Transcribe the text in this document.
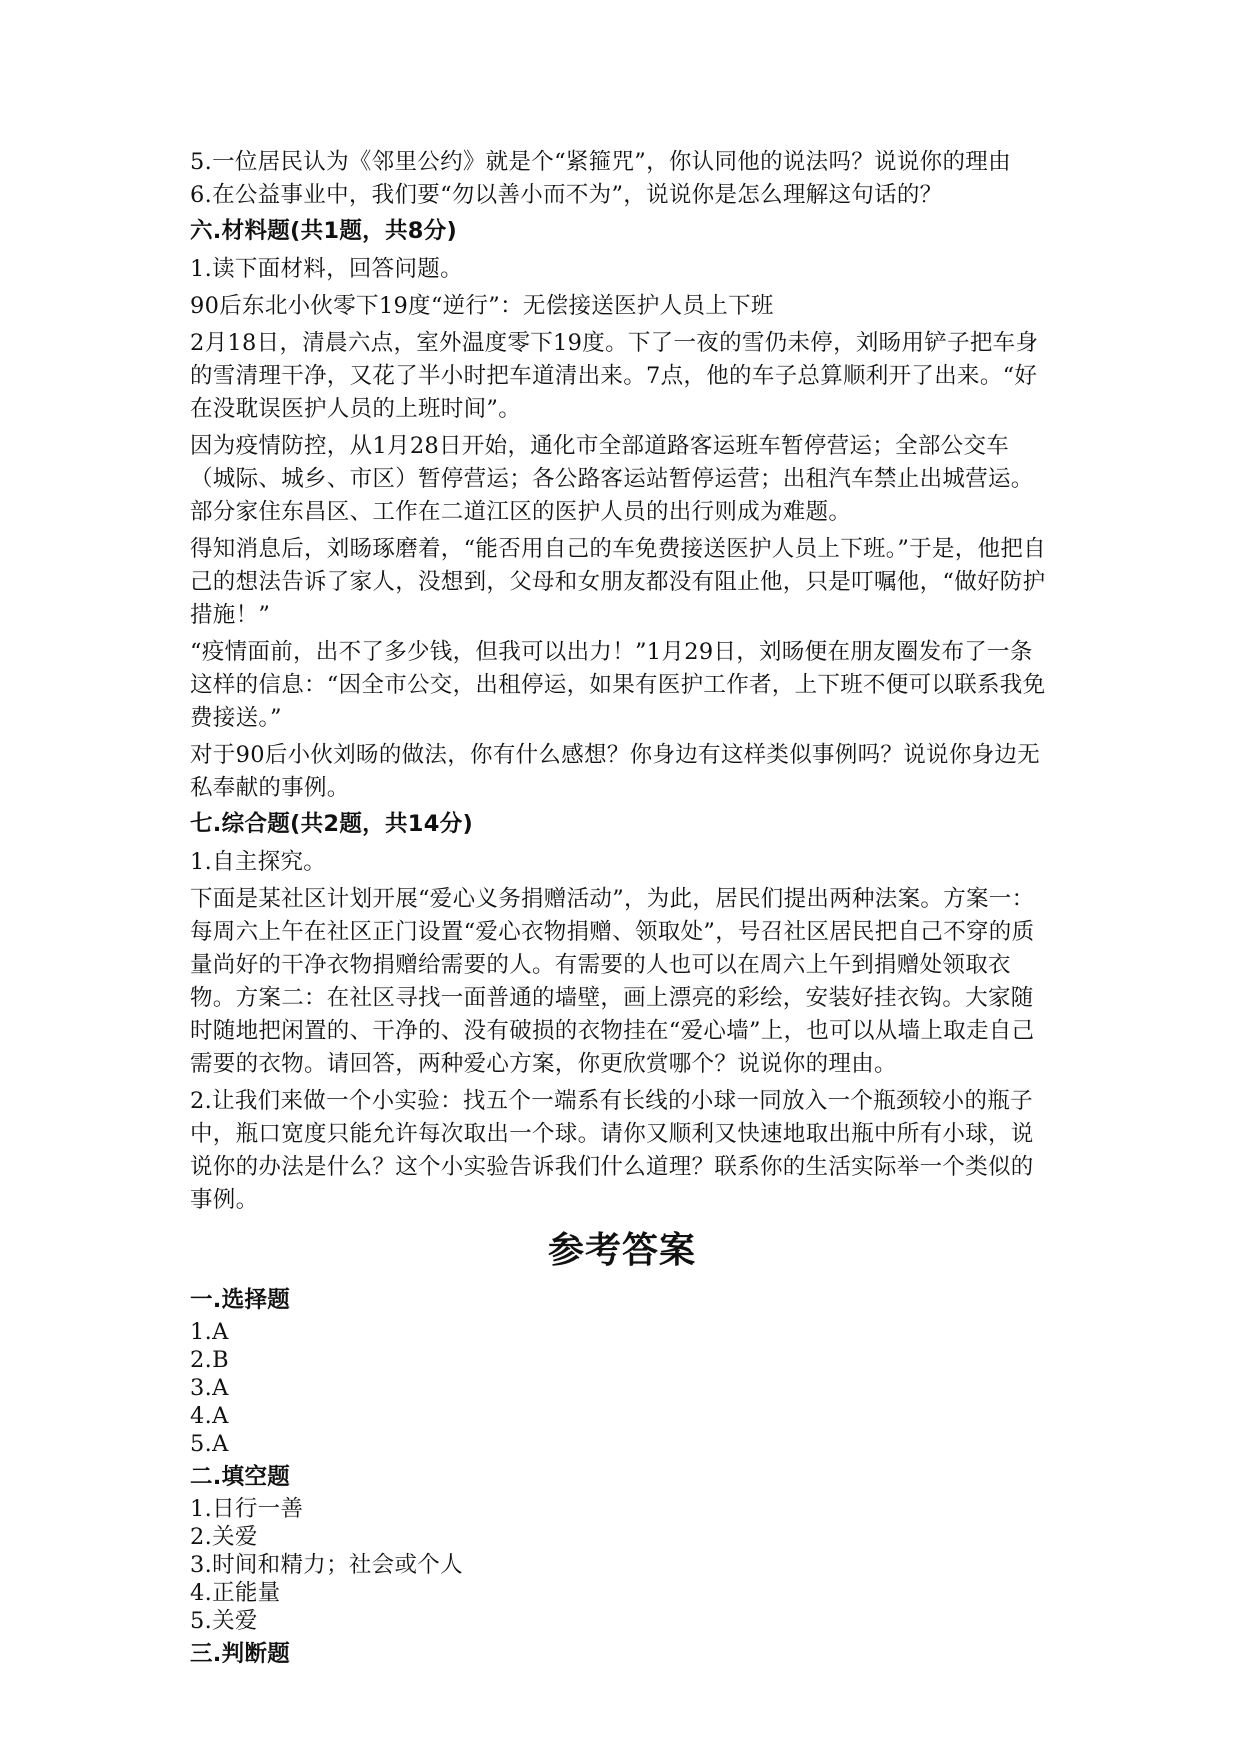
5.一位居民认为《邻里公约》就是个“紧箍咒”，你认同他的说法吗？说说你的理由

6.在公益事业中，我们要“勿以善小而不为”，说说你是怎么理解这句话的？

六.材料题(共1题，共8分)

1.读下面材料，回答问题。

90后东北小伙零下19度“逆行”：无偿接送医护人员上下班

2月18日，清晨六点，室外温度零下19度。下了一夜的雪仍未停，刘旸用铲子把车身的雪清理干净，又花了半小时把车道清出来。7点，他的车子总算顺利开了出来。“好在没耽误医护人员的上班时间”。

因为疫情防控，从1月28日开始，通化市全部道路客运班车暂停营运；全部公交车（城际、城乡、市区）暂停营运；各公路客运站暂停运营；出租汽车禁止出城营运。部分家住东昌区、工作在二道江区的医护人员的出行则成为难题。

得知消息后，刘旸琢磨着，“能否用自己的车免费接送医护人员上下班。”于是，他把自己的想法告诉了家人，没想到，父母和女朋友都没有阻止他，只是叮嘱他，“做好防护措施！”

“疫情面前，出不了多少钱，但我可以出力！”1月29日，刘旸便在朋友圈发布了一条这样的信息：“因全市公交，出租停运，如果有医护工作者，上下班不便可以联系我免费接送。”

对于90后小伙刘旸的做法，你有什么感想？你身边有这样类似事例吗？说说你身边无私奉献的事例。

七.综合题(共2题，共14分)

1.自主探究。

下面是某社区计划开展“爱心义务捐赠活动”，为此，居民们提出两种法案。方案一：每周六上午在社区正门设置“爱心衣物捐赠、领取处”，号召社区居民把自己不穿的质量尚好的干净衣物捐赠给需要的人。有需要的人也可以在周六上午到捐赠处领取衣物。方案二：在社区寻找一面普通的墙壁，画上漂亮的彩绘，安装好挂衣钩。大家随时随地把闲置的、干净的、没有破损的衣物挂在“爱心墙”上，也可以从墙上取走自己需要的衣物。请回答，两种爱心方案，你更欣赏哪个？说说你的理由。

2.让我们来做一个小实验：找五个一端系有长线的小球一同放入一个瓶颈较小的瓶子中，瓶口宽度只能允许每次取出一个球。请你又顺利又快速地取出瓶中所有小球，说说你的办法是什么？这个小实验告诉我们什么道理？联系你的生活实际举一个类似的事例。

参考答案

一.选择题

1.A

2.B

3.A

4.A

5.A

二.填空题

1.日行一善

2.关爱

3.时间和精力；社会或个人

4.正能量

5.关爱

三.判断题
